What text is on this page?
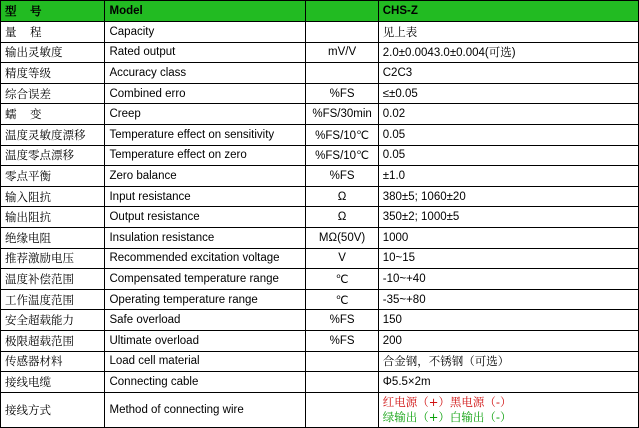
型　号	Model		CHS-Z
量　程	Capacity		见上表
输出灵敏度	Rated output	mV/V	2.0±0.0043.0±0.004(可选)
精度等级	Accuracy class		C2C3
综合误差	Combined erro	%FS	≤±0.05
蠕　变	Creep	%FS/30min	0.02
温度灵敏度漂移	Temperature effect on sensitivity	%FS/10℃	0.05
温度零点漂移	Temperature effect on zero	%FS/10℃	0.05
零点平衡	Zero balance	%FS	±1.0
输入阻抗	Input resistance	Ω	380±5; 1060±20
输出阻抗	Output resistance	Ω	350±2; 1000±5
绝缘电阻	Insulation resistance	MΩ(50V)	1000
推荐激励电压	Recommended excitation voltage	V	10~15
温度补偿范围	Compensated temperature range	℃	-10~+40
工作温度范围	Operating temperature range	℃	-35~+80
安全超载能力	Safe overload	%FS	150
极限超载范围	Ultimate overload	%FS	200
传感器材料	Load cell material		合金钢，不锈钢（可选）
接线电缆	Connecting cable		Φ5.5×2m
接线方式	Method of connecting wire		红电源（+）黑电源（-）
绿输出（+）白输出（-）
